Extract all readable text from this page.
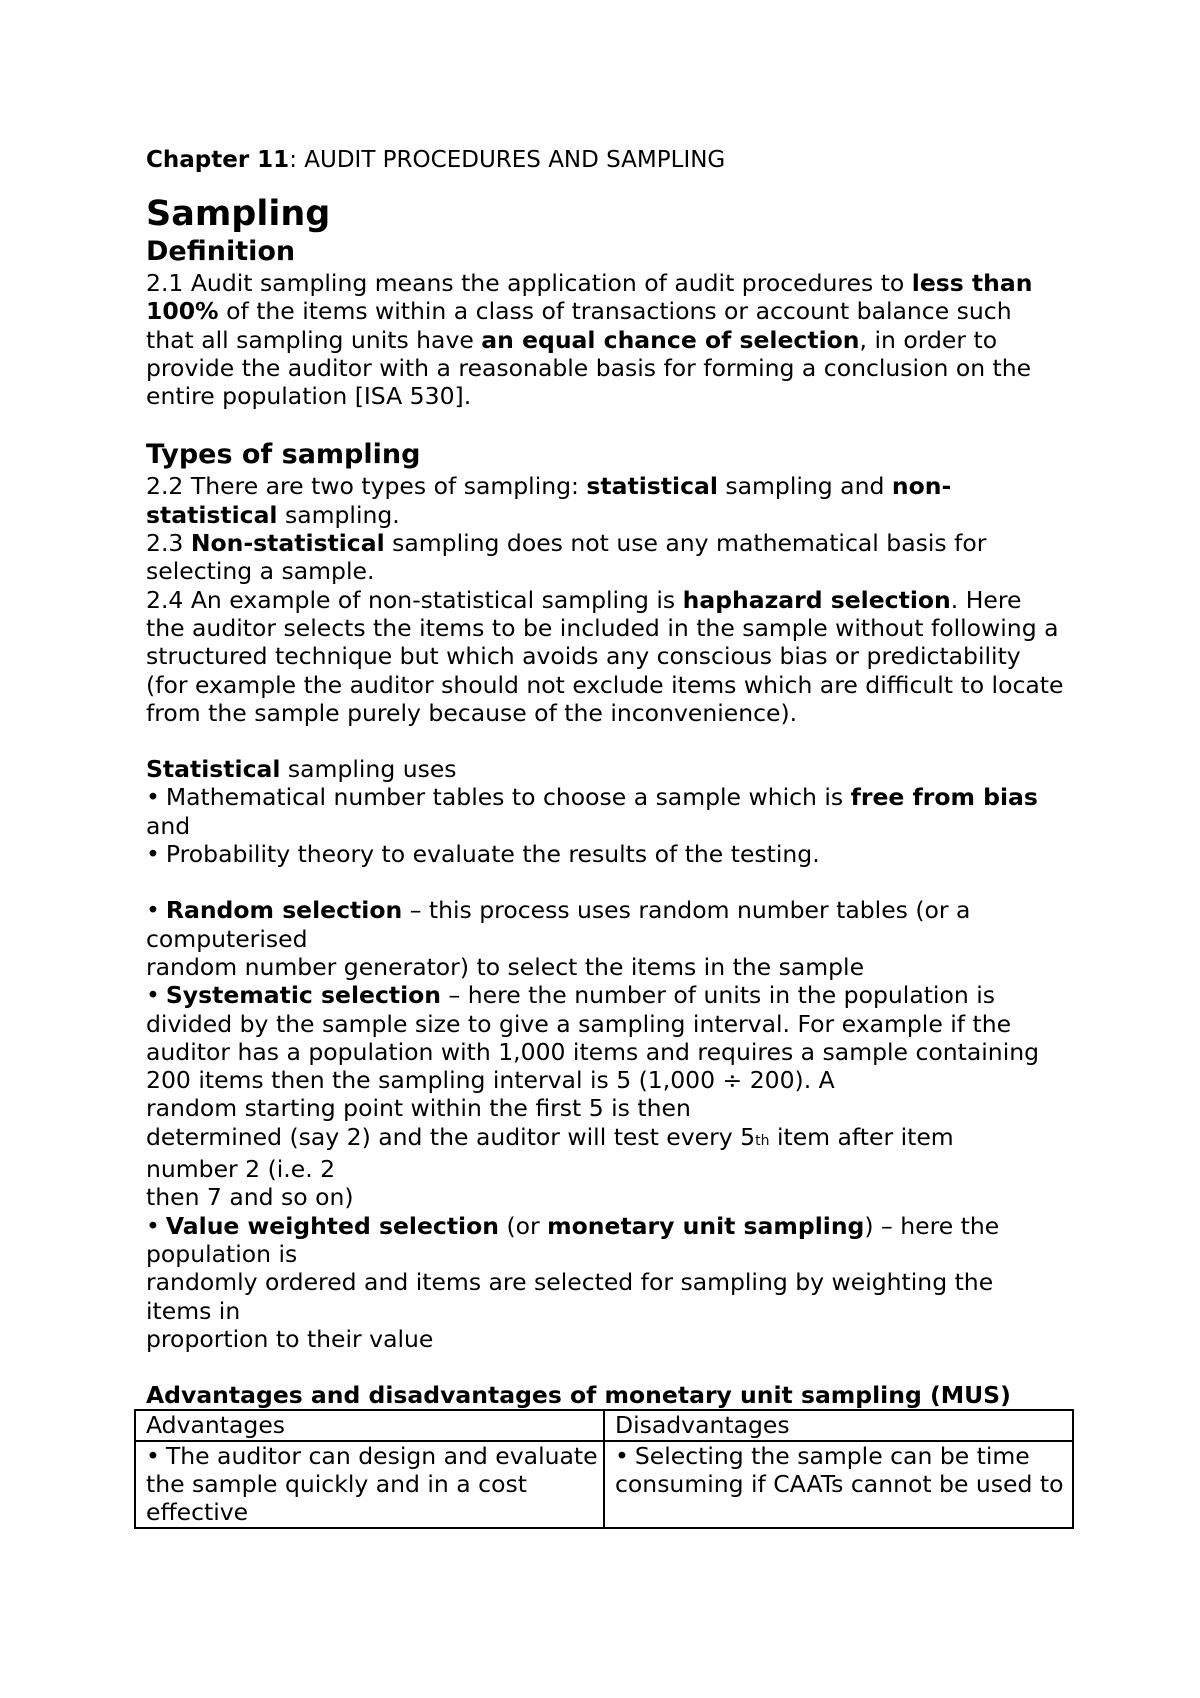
Chapter 11: AUDIT PROCEDURES AND SAMPLING

Sampling
Definition

2.1 Audit sampling means the application of audit procedures to less than 100% of the items within a class of transactions or account balance such that all sampling units have an equal chance of selection, in order to provide the auditor with a reasonable basis for forming a conclusion on the entire population [ISA 530].

Types of sampling

2.2 There are two types of sampling: statistical sampling and non-statistical sampling.

2.3 Non-statistical sampling does not use any mathematical basis for selecting a sample.

2.4 An example of non-statistical sampling is haphazard selection. Here the auditor selects the items to be included in the sample without following a structured technique but which avoids any conscious bias or predictability (for example the auditor should not exclude items which are difficult to locate from the sample purely because of the inconvenience).

Statistical sampling uses

• Mathematical number tables to choose a sample which is free from bias and

• Probability theory to evaluate the results of the testing.

• Random selection – this process uses random number tables (or a

computerised

random number generator) to select the items in the sample

• Systematic selection – here the number of units in the population is divided by the sample size to give a sampling interval. For example if the auditor has a population with 1,000 items and requires a sample containing 200 items then the sampling interval is 5 (1,000 ÷ 200). A

random starting point within the first 5 is then

determined (say 2) and the auditor will test every 5th item after item

number 2 (i.e. 2

then 7 and so on)

• Value weighted selection (or monetary unit sampling) – here the

population is

randomly ordered and items are selected for sampling by weighting the

items in

proportion to their value

Advantages and disadvantages of monetary unit sampling (MUS)

Advantages	Disadvantages
• The auditor can design and evaluate the sample quickly and in a cost effective	• Selecting the sample can be time consuming if CAATs cannot be used to
